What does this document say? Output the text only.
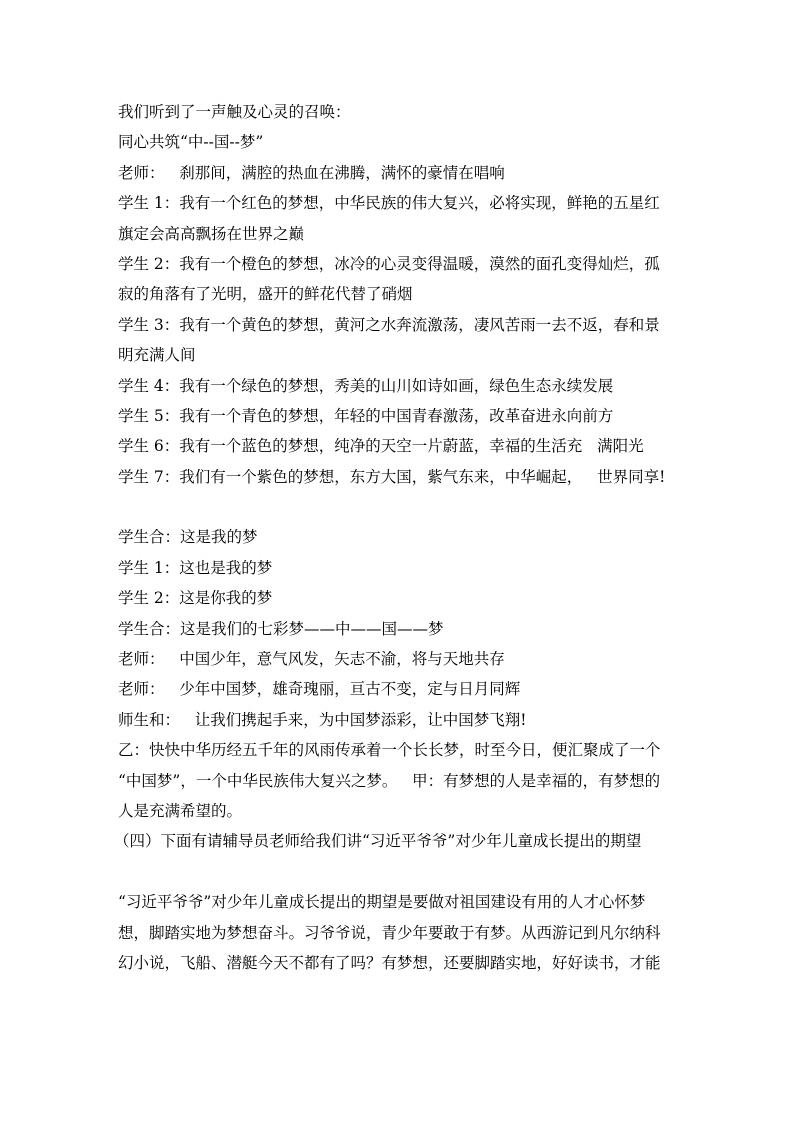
我们听到了一声触及心灵的召唤：
同心共筑“中--国--梦”
老师：   刹那间，满腔的热血在沸腾，满怀的豪情在唱响
学生 1：我有一个红色的梦想，中华民族的伟大复兴，必将实现，鲜艳的五星红
旗定会高高飘扬在世界之巅
学生 2：我有一个橙色的梦想，冰冷的心灵变得温暖，漠然的面孔变得灿烂，孤
寂的角落有了光明，盛开的鲜花代替了硝烟
学生 3：我有一个黄色的梦想，黄河之水奔流激荡，凄风苦雨一去不返，春和景
明充满人间
学生 4：我有一个绿色的梦想，秀美的山川如诗如画，绿色生态永续发展
学生 5：我有一个青色的梦想，年轻的中国青春激荡，改革奋进永向前方
学生 6：我有一个蓝色的梦想，纯净的天空一片蔚蓝，幸福的生活充   满阳光
学生 7：我们有一个紫色的梦想，东方大国，紫气东来，中华崛起，   世界同享!
学生合：这是我的梦
学生 1：这也是我的梦
学生 2：这是你我的梦
学生合：这是我们的七彩梦——中——国——梦
老师：   中国少年，意气风发，矢志不渝，将与天地共存
老师：   少年中国梦，雄奇瑰丽，亘古不变，定与日月同辉
师生和：   让我们携起手来，为中国梦添彩，让中国梦飞翔!
乙：快快中华历经五千年的风雨传承着一个长长梦，时至今日，便汇聚成了一个
“中国梦”，一个中华民族伟大复兴之梦。   甲：有梦想的人是幸福的，有梦想的
人是充满希望的。
（四）下面有请辅导员老师给我们讲“习近平爷爷”对少年儿童成长提出的期望
“习近平爷爷”对少年儿童成长提出的期望是要做对祖国建设有用的人才心怀梦
想，脚踏实地为梦想奋斗。习爷爷说，青少年要敢于有梦。从西游记到凡尔纳科
幻小说，飞船、潜艇今天不都有了吗？有梦想，还要脚踏实地，好好读书，才能
